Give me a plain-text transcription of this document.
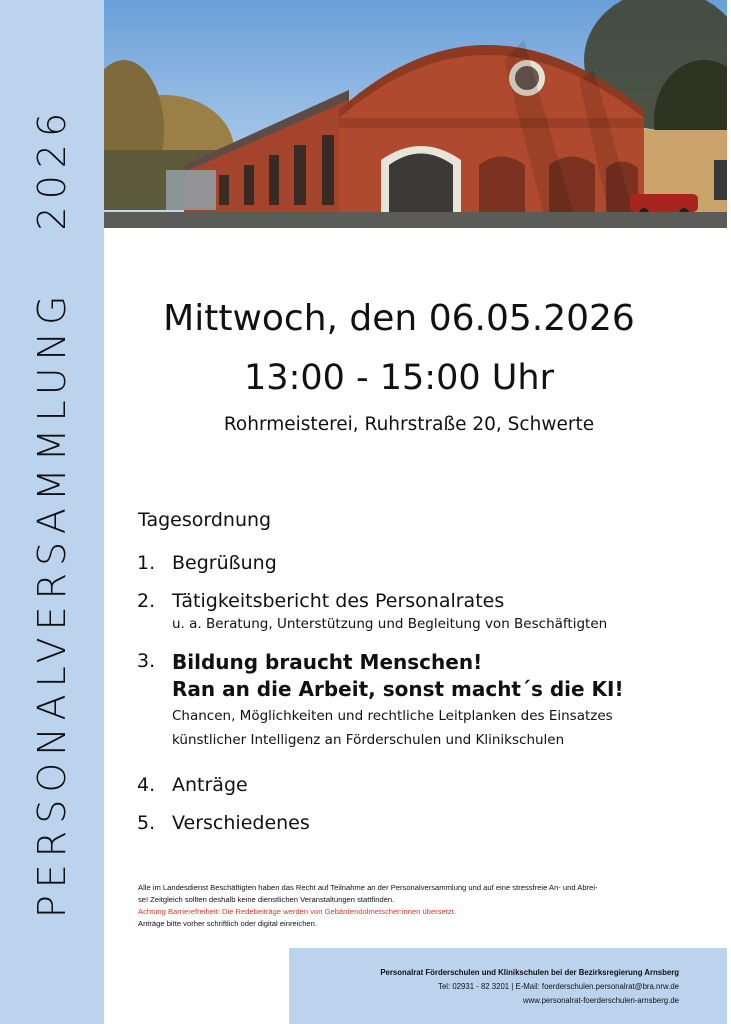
PERSONALVERSAMMLUNG2026
Mittwoch, den 06.05.2026
13:00 - 15:00 Uhr
Rohrmeisterei, Ruhrstraße 20, Schwerte
Tagesordnung
1. Begrüßung
2. Tätigkeitsbericht des Personalrates
u. a. Beratung, Unterstützung und Begleitung von Beschäftigten
3. Bildung braucht Menschen!
Ran an die Arbeit, sonst macht´s die KI!
Chancen, Möglichkeiten und rechtliche Leitplanken des Einsatzes
künstlicher Intelligenz an Förderschulen und Klinikschulen
4. Anträge
5. Verschiedenes
Alle im Landesdienst Beschäftigten haben das Recht auf Teilnahme an der Personalversammlung und auf eine stressfreie An- und Abrei-
se! Zeitgleich sollten deshalb keine dienstlichen Veranstaltungen stattfinden.
Achtung Barrierefreiheit: Die Redebeiträge werden von Gebärdendolmetscher:innen übersetzt.
Anträge bitte vorher schriftlich oder digital einreichen.
Personalrat Förderschulen und Klinikschulen bei der Bezirksregierung Arnsberg
Tel: 02931 - 82 3201 | E-Mail: foerderschulen.personalrat@bra.nrw.de
www.personalrat-foerderschulen-arnsberg.de
